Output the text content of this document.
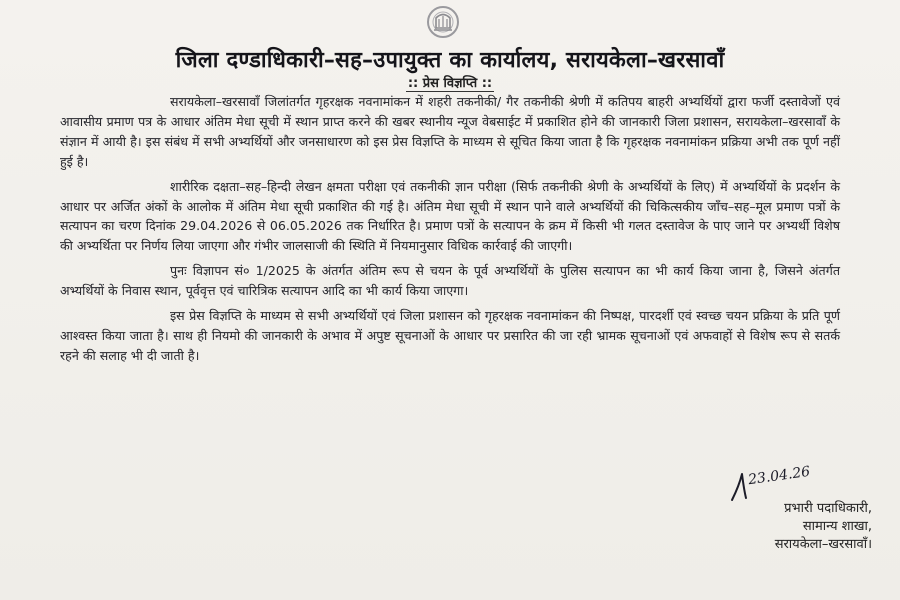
जिला दण्डाधिकारी–सह–उपायुक्त का कार्यालय, सरायकेला–खरसावाँ
:: प्रेस विज्ञप्ति ::

सरायकेला–खरसावाँ जिलांतर्गत गृहरक्षक नवनामांकन में शहरी तकनीकी/ गैर तकनीकी श्रेणी में कतिपय बाहरी अभ्यर्थियों द्वारा फर्जी दस्तावेजों एवं आवासीय प्रमाण पत्र के आधार अंतिम मेधा सूची में स्थान प्राप्त करने की खबर स्थानीय न्यूज वेबसाईट में प्रकाशित होने की जानकारी जिला प्रशासन, सरायकेला–खरसावाँ के संज्ञान में आयी है। इस संबंध में सभी अभ्यर्थियों और जनसाधारण को इस प्रेस विज्ञप्ति के माध्यम से सूचित किया जाता है कि गृहरक्षक नवनामांकन प्रक्रिया अभी तक पूर्ण नहीं हुई है।

शारीरिक दक्षता–सह–हिन्दी लेखन क्षमता परीक्षा एवं तकनीकी ज्ञान परीक्षा (सिर्फ तकनीकी श्रेणी के अभ्यर्थियों के लिए) में अभ्यर्थियों के प्रदर्शन के आधार पर अर्जित अंकों के आलोक में अंतिम मेधा सूची प्रकाशित की गई है। अंतिम मेधा सूची में स्थान पाने वाले अभ्यर्थियों की चिकित्सकीय जाँच–सह–मूल प्रमाण पत्रों के सत्यापन का चरण दिनांक 29.04.2026 से 06.05.2026 तक निर्धारित है। प्रमाण पत्रों के सत्यापन के क्रम में किसी भी गलत दस्तावेज के पाए जाने पर अभ्यर्थी विशेष की अभ्यर्थिता पर निर्णय लिया जाएगा और गंभीर जालसाजी की स्थिति में नियमानुसार विधिक कार्रवाई की जाएगी।

पुनः विज्ञापन सं० 1/2025 के अंतर्गत अंतिम रूप से चयन के पूर्व अभ्यर्थियों के पुलिस सत्यापन का भी कार्य किया जाना है, जिसने अंतर्गत अभ्यर्थियों के निवास स्थान, पूर्ववृत्त एवं चारित्रिक सत्यापन आदि का भी कार्य किया जाएगा।

इस प्रेस विज्ञप्ति के माध्यम से सभी अभ्यर्थियों एवं जिला प्रशासन को गृहरक्षक नवनामांकन की निष्पक्ष, पारदर्शी एवं स्वच्छ चयन प्रक्रिया के प्रति पूर्ण आश्वस्त किया जाता है। साथ ही नियमो की जानकारी के अभाव में अपुष्ट सूचनाओं के आधार पर प्रसारित की जा रही भ्रामक सूचनाओं एवं अफवाहों से विशेष रूप से सतर्क रहने की सलाह भी दी जाती है।

23.04.26
प्रभारी पदाधिकारी,
सामान्य शाखा,
सरायकेला–खरसावाँ।
